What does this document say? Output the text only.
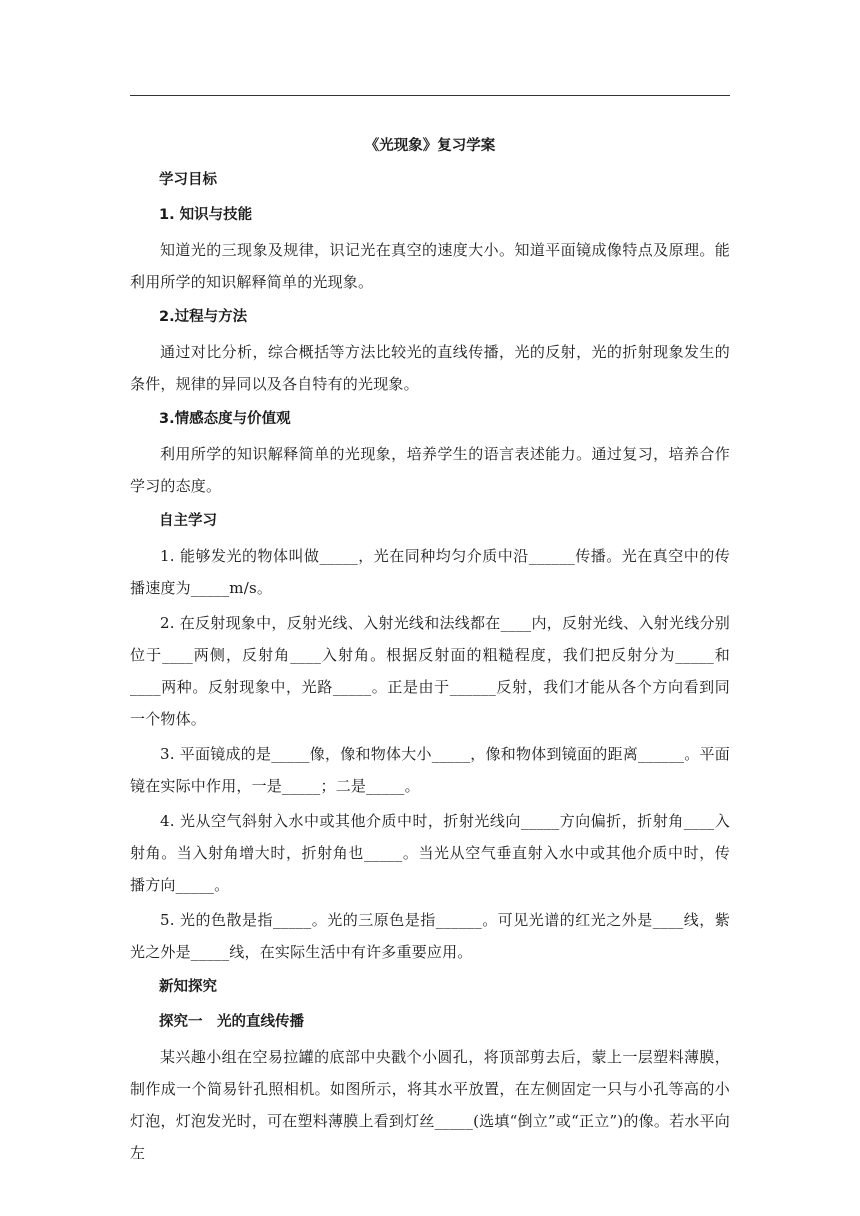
《光现象》复习学案
学习目标
1. 知识与技能
知道光的三现象及规律，识记光在真空的速度大小。知道平面镜成像特点及原理。能利用所学的知识解释简单的光现象。
2.过程与方法
通过对比分析，综合概括等方法比较光的直线传播，光的反射，光的折射现象发生的条件，规律的异同以及各自特有的光现象。
3.情感态度与价值观
利用所学的知识解释简单的光现象，培养学生的语言表述能力。通过复习，培养合作学习的态度。
自主学习
1. 能够发光的物体叫做_____，光在同种均匀介质中沿______传播。光在真空中的传播速度为_____m/s。
2. 在反射现象中，反射光线、入射光线和法线都在____内，反射光线、入射光线分别位于____两侧，反射角____入射角。根据反射面的粗糙程度，我们把反射分为_____和____两种。反射现象中，光路_____。正是由于______反射，我们才能从各个方向看到同一个物体。
3. 平面镜成的是_____像，像和物体大小_____，像和物体到镜面的距离______。平面镜在实际中作用，一是_____；二是_____。
4. 光从空气斜射入水中或其他介质中时，折射光线向_____方向偏折，折射角____入射角。当入射角增大时，折射角也_____。当光从空气垂直射入水中或其他介质中时，传播方向_____。
5. 光的色散是指_____。光的三原色是指______。可见光谱的红光之外是____线，紫光之外是_____线，在实际生活中有许多重要应用。
新知探究
探究一　光的直线传播
某兴趣小组在空易拉罐的底部中央戳个小圆孔，将顶部剪去后，蒙上一层塑料薄膜，制作成一个简易针孔照相机。如图所示，将其水平放置，在左侧固定一只与小孔等高的小灯泡，灯泡发光时，可在塑料薄膜上看到灯丝_____(选填“倒立”或“正立”)的像。若水平向左
